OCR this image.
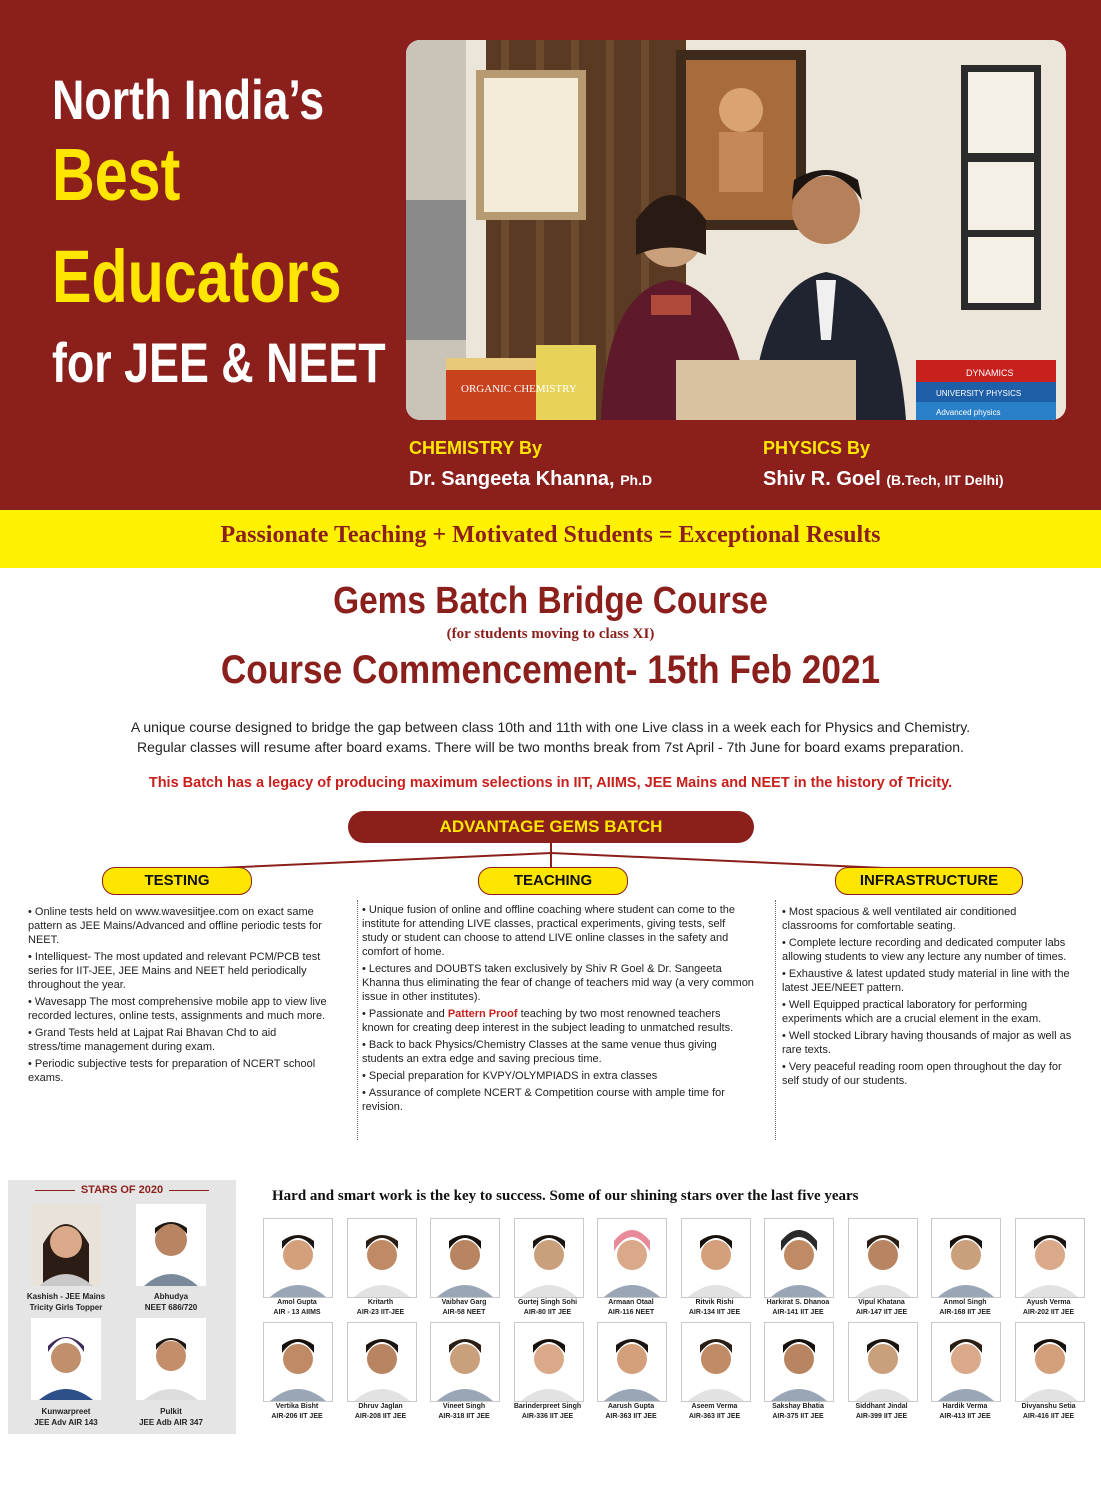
North India’s
Best
Educators
for JEE & NEET	ORGANIC CHEMISTRY
DYNAMICS
UNIVERSITY PHYSICS
Advanced physics
CHEMISTRY By
Dr. Sangeeta Khanna, Ph.D
PHYSICS By
Shiv R. Goel (B.Tech, IIT Delhi)
Passionate Teaching + Motivated Students = Exceptional Results
Gems Batch Bridge Course
(for students moving to class XI)
Course Commencement- 15th Feb 2021
A unique course designed to bridge the gap between class 10th and 11th with one Live class in a week each for Physics and Chemistry.
Regular classes will resume after board exams. There will be two months break from 7st April - 7th June for board exams preparation.
This Batch has a legacy of producing maximum selections in IIT, AIIMS, JEE Mains and NEET in the history of Tricity.
ADVANTAGE GEMS BATCH
TESTING	TEACHING	INFRASTRUCTURE
• Online tests held on www.wavesiitjee.com on exact same pattern as JEE Mains/Advanced and offline periodic tests for NEET.
• Intelliquest- The most updated and relevant PCM/PCB test series for IIT-JEE, JEE Mains and NEET held periodically throughout the year.
• Wavesapp The most comprehensive mobile app to view live recorded lectures, online tests, assignments and much more.
• Grand Tests held at Lajpat Rai Bhavan Chd to aid stress/time management during exam.
• Periodic subjective tests for preparation of NCERT school exams.
• Unique fusion of online and offline coaching where student can come to the institute for attending LIVE classes, practical experiments, giving tests, self study or student can choose to attend LIVE online classes in the safety and comfort of home.
• Lectures and DOUBTS taken exclusively by Shiv R Goel & Dr. Sangeeta Khanna thus eliminating the fear of change of teachers mid way (a very common issue in other institutes).
• Passionate and Pattern Proof teaching by two most renowned teachers known for creating deep interest in the subject leading to unmatched results.
• Back to back Physics/Chemistry Classes at the same venue thus giving students an extra edge and saving precious time.
• Special preparation for KVPY/OLYMPIADS in extra classes
• Assurance of complete NCERT & Competition course with ample time for revision.
• Most spacious & well ventilated air conditioned classrooms for comfortable seating.
• Complete lecture recording and dedicated computer labs allowing students to view any lecture any number of times.
• Exhaustive & latest updated study material in line with the latest JEE/NEET pattern.
• Well Equipped practical laboratory for performing experiments which are a crucial element in the exam.
• Well stocked Library having thousands of major as well as rare texts.
• Very peaceful reading room open throughout the day for self study of our students.
STARS OF 2020
Kashish - JEE Mains
Tricity Girls Topper
Abhudya
NEET 686/720
Kunwarpreet
JEE Adv AIR 143
Pulkit
JEE Adb AIR 347
Hard and smart work is the key to success. Some of our shining stars over the last five years
Amol Gupta
AIR - 13 AIIMS
Kritarth
AIR-23 IIT-JEE
Vaibhav Garg
AIR-58 NEET
Gurtej Singh Sohi
AIR-80 IIT JEE
Armaan Otaal
AIR-116 NEET
Ritvik Rishi
AIR-134 IIT JEE
Harkirat S. Dhanoa
AIR-141 IIT JEE
Vipul Khatana
AIR-147 IIT JEE
Anmol Singh
AIR-168 IIT JEE
Ayush Verma
AIR-202 IIT JEE
Vertika Bisht
AIR-206 IIT JEE
Dhruv Jaglan
AIR-208 IIT JEE
Vineet Singh
AIR-318 IIT JEE
Barinderpreet Singh
AIR-336 IIT JEE
Aarush Gupta
AIR-363 IIT JEE
Aseem Verma
AIR-363 IIT JEE
Sakshay Bhatia
AIR-375 IIT JEE
Siddhant Jindal
AIR-399 IIT JEE
Hardik Verma
AIR-413 IIT JEE
Divyanshu Setia
AIR-416 IIT JEE
